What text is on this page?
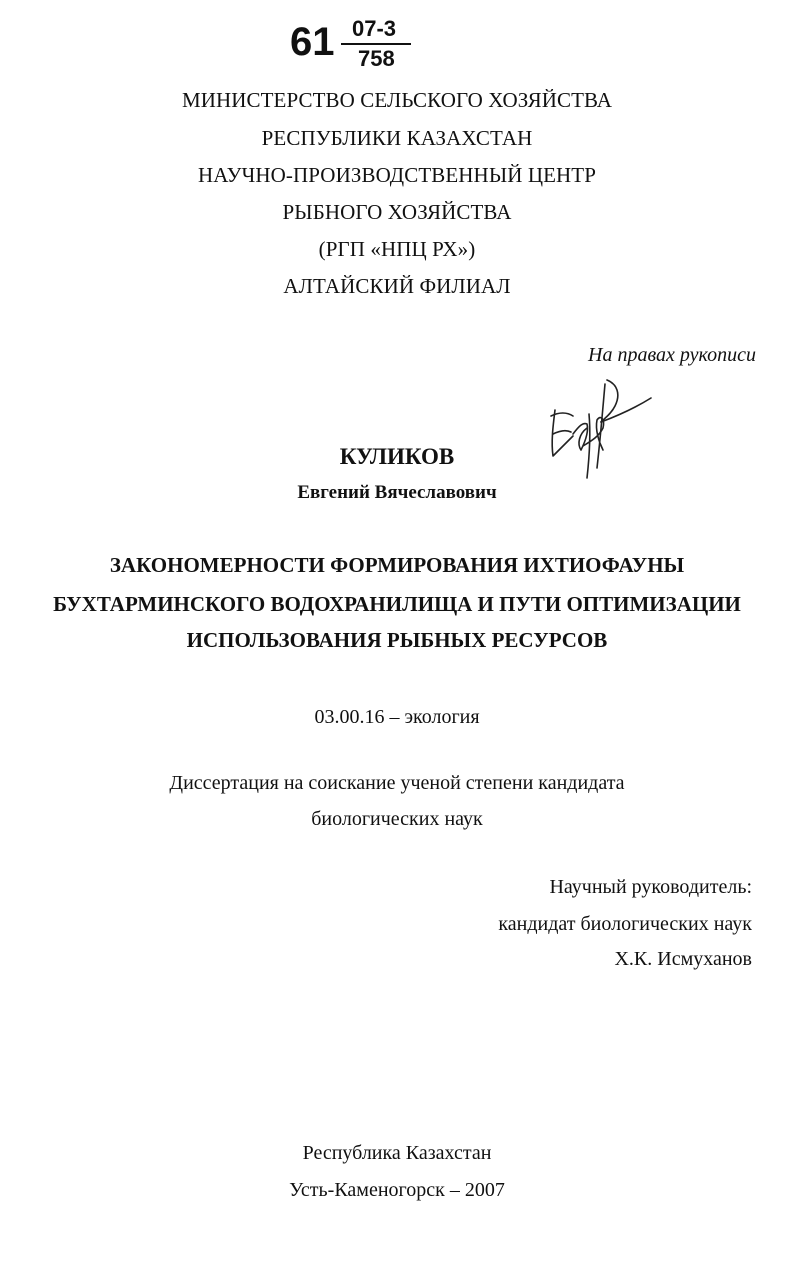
61 07-3
758
МИНИСТЕРСТВО СЕЛЬСКОГО ХОЗЯЙСТВА
РЕСПУБЛИКИ КАЗАХСТАН
НАУЧНО-ПРОИЗВОДСТВЕННЫЙ ЦЕНТР
РЫБНОГО ХОЗЯЙСТВА
(РГП «НПЦ РХ»)
АЛТАЙСКИЙ ФИЛИАЛ
На правах рукописи
КУЛИКОВ
Евгений Вячеславович
ЗАКОНОМЕРНОСТИ ФОРМИРОВАНИЯ ИХТИОФАУНЫ
БУХТАРМИНСКОГО ВОДОХРАНИЛИЩА И ПУТИ ОПТИМИЗАЦИИ
ИСПОЛЬЗОВАНИЯ РЫБНЫХ РЕСУРСОВ
03.00.16 – экология
Диссертация на соискание ученой степени кандидата
биологических наук
Научный руководитель:
кандидат биологических наук
Х.К. Исмуханов
Республика Казахстан
Усть-Каменогорск – 2007
